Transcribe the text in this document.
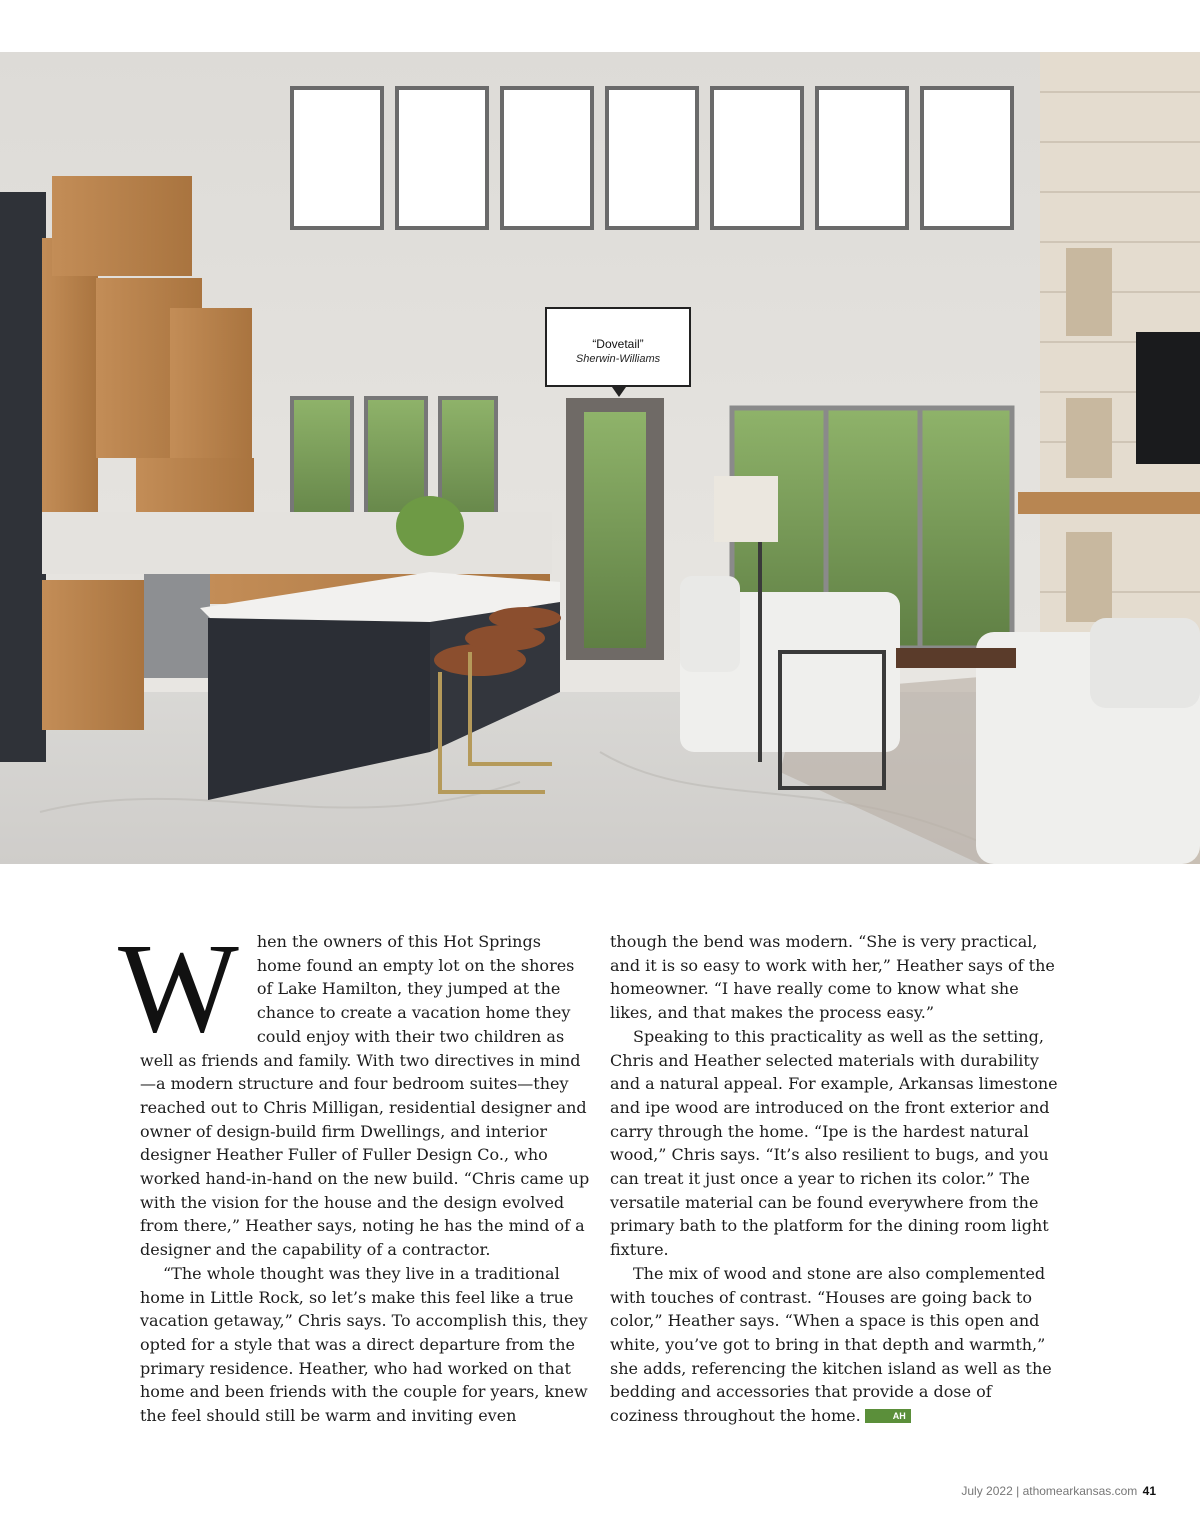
“Dovetail”
Sherwin-Williams

W hen the owners of this Hot Springs home found an empty lot on the shores of Lake Hamilton, they jumped at the chance to create a vacation home they could enjoy with their two children as well as friends and family. With two directives in mind—a modern structure and four bedroom suites—they reached out to Chris Milligan, residential designer and owner of design-build firm Dwellings, and interior designer Heather Fuller of Fuller Design Co., who worked hand-in-hand on the new build. “Chris came up with the vision for the house and the design evolved from there,” Heather says, noting he has the mind of a designer and the capability of a contractor.

“The whole thought was they live in a traditional home in Little Rock, so let’s make this feel like a true vacation getaway,” Chris says. To accomplish this, they opted for a style that was a direct departure from the primary residence. Heather, who had worked on that home and been friends with the couple for years, knew the feel should still be warm and inviting even

though the bend was modern. “She is very practical, and it is so easy to work with her,” Heather says of the homeowner. “I have really come to know what she likes, and that makes the process easy.”

Speaking to this practicality as well as the setting, Chris and Heather selected materials with durability and a natural appeal. For example, Arkansas limestone and ipe wood are introduced on the front exterior and carry through the home. “Ipe is the hardest natural wood,” Chris says. “It’s also resilient to bugs, and you can treat it just once a year to richen its color.” The versatile material can be found everywhere from the primary bath to the platform for the dining room light fixture.

The mix of wood and stone are also complemented with touches of contrast. “Houses are going back to color,” Heather says. “When a space is this open and white, you’ve got to bring in that depth and warmth,” she adds, referencing the kitchen island as well as the bedding and accessories that provide a dose of coziness throughout the home.	AH

July 2022 | athomearkansas.com 41
